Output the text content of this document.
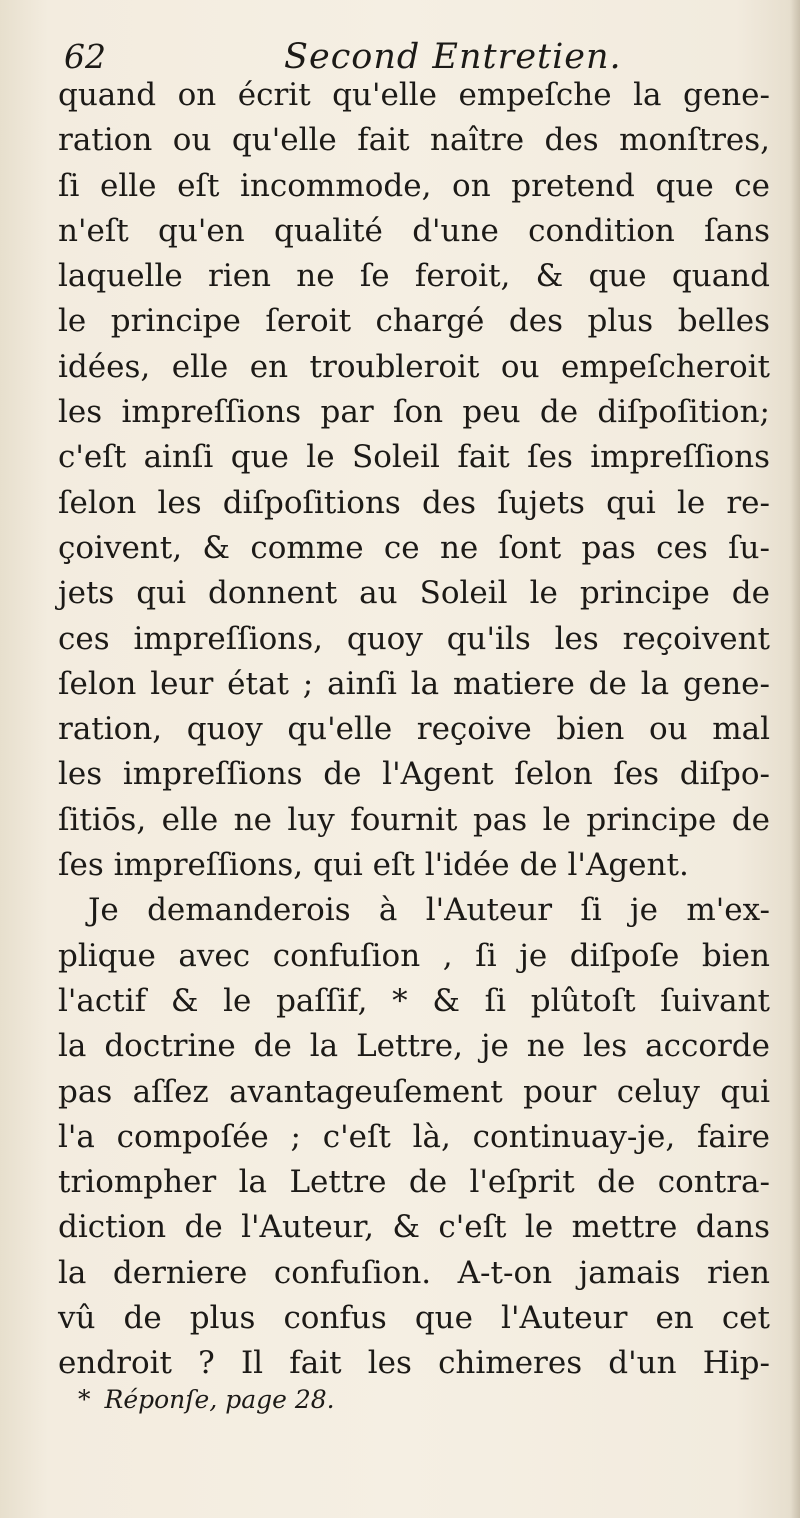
62	Second Entretien.
quand on écrit qu'elle empeſche la gene-
ration ou qu'elle fait naître des monſtres,
ſi elle eſt incommode, on pretend que ce
n'eſt qu'en qualité d'une condition ſans
laquelle rien ne ſe feroit, & que quand
le principe ſeroit chargé des plus belles
idées, elle en troubleroit ou empeſcheroit
les impreſſions par ſon peu de diſpoſition;
c'eſt ainſi que le Soleil fait ſes impreſſions
ſelon les diſpoſitions des ſujets qui le re-
çoivent, & comme ce ne ſont pas ces ſu-
jets qui donnent au Soleil le principe de
ces impreſſions, quoy qu'ils les reçoivent
ſelon leur état ; ainſi la matiere de la gene-
ration, quoy qu'elle reçoive bien ou mal
les impreſſions de l'Agent ſelon ſes diſpo-
ſitiōs, elle ne luy fournit pas le principe de
ſes impreſſions, qui eſt l'idée de l'Agent.
Je demanderois à l'Auteur ſi je m'ex-
plique avec confuſion , ſi je diſpoſe bien
l'actif & le paſſif, * & ſi plûtoſt ſuivant
la doctrine de la Lettre, je ne les accorde
pas aſſez avantageuſement pour celuy qui
l'a compoſée ; c'eſt là, continuay-je, faire
triompher la Lettre de l'eſprit de contra-
diction de l'Auteur, & c'eſt le mettre dans
la derniere confuſion. A-t-on jamais rien
vû de plus confus que l'Auteur en cet
endroit ? Il fait les chimeres d'un Hip-
* Réponſe, page 28.
